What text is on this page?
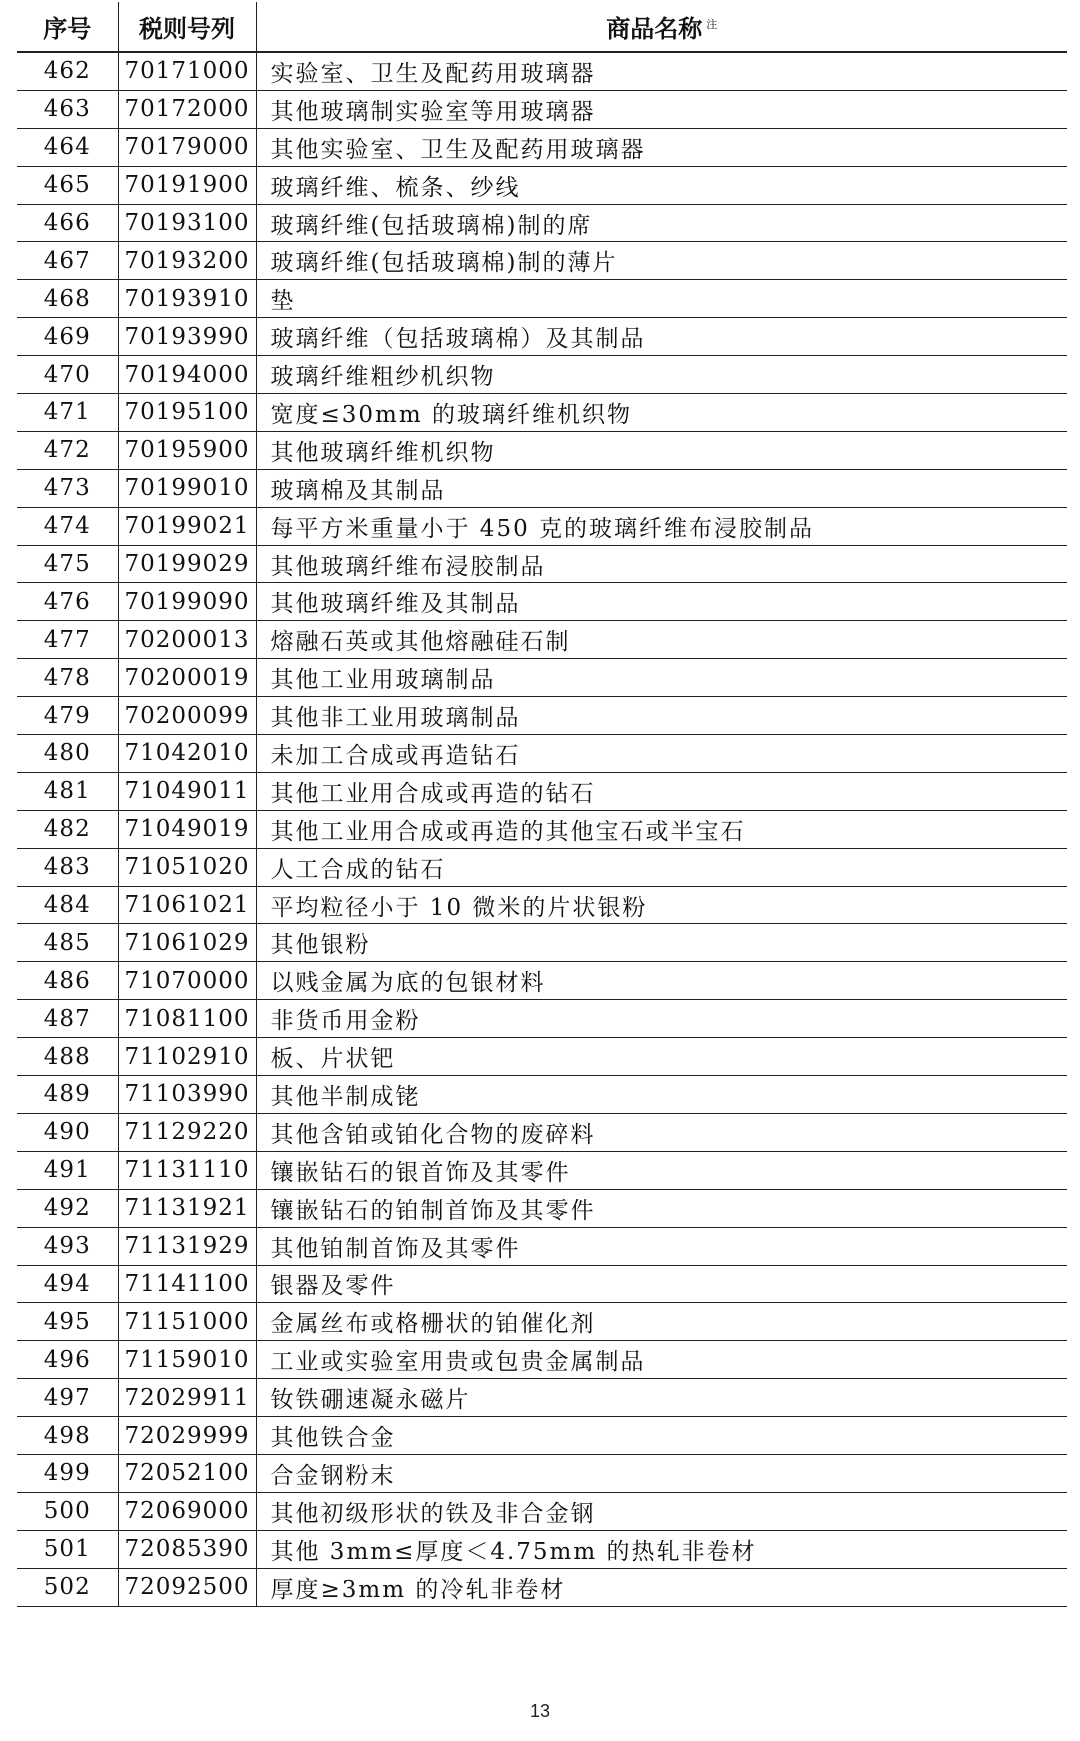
序号	税则号列	商品名称 $^注$
462	70171000	实验室、卫生及配药用玻璃器
463	70172000	其他玻璃制实验室等用玻璃器
464	70179000	其他实验室、卫生及配药用玻璃器
465	70191900	玻璃纤维、梳条、纱线
466	70193100	玻璃纤维(包括玻璃棉)制的席
467	70193200	玻璃纤维(包括玻璃棉)制的薄片
468	70193910	垫
469	70193990	玻璃纤维（包括玻璃棉）及其制品
470	70194000	玻璃纤维粗纱机织物
471	70195100	宽度≤30mm 的玻璃纤维机织物
472	70195900	其他玻璃纤维机织物
473	70199010	玻璃棉及其制品
474	70199021	每平方米重量小于 450 克的玻璃纤维布浸胶制品
475	70199029	其他玻璃纤维布浸胶制品
476	70199090	其他玻璃纤维及其制品
477	70200013	熔融石英或其他熔融硅石制
478	70200019	其他工业用玻璃制品
479	70200099	其他非工业用玻璃制品
480	71042010	未加工合成或再造钻石
481	71049011	其他工业用合成或再造的钻石
482	71049019	其他工业用合成或再造的其他宝石或半宝石
483	71051020	人工合成的钻石
484	71061021	平均粒径小于 10 微米的片状银粉
485	71061029	其他银粉
486	71070000	以贱金属为底的包银材料
487	71081100	非货币用金粉
488	71102910	板、片状钯
489	71103990	其他半制成铑
490	71129220	其他含铂或铂化合物的废碎料
491	71131110	镶嵌钻石的银首饰及其零件
492	71131921	镶嵌钻石的铂制首饰及其零件
493	71131929	其他铂制首饰及其零件
494	71141100	银器及零件
495	71151000	金属丝布或格栅状的铂催化剂
496	71159010	工业或实验室用贵或包贵金属制品
497	72029911	钕铁硼速凝永磁片
498	72029999	其他铁合金
499	72052100	合金钢粉末
500	72069000	其他初级形状的铁及非合金钢
501	72085390	其他 3mm≤厚度＜4.75mm 的热轧非卷材
502	72092500	厚度≥3mm 的冷轧非卷材
13
